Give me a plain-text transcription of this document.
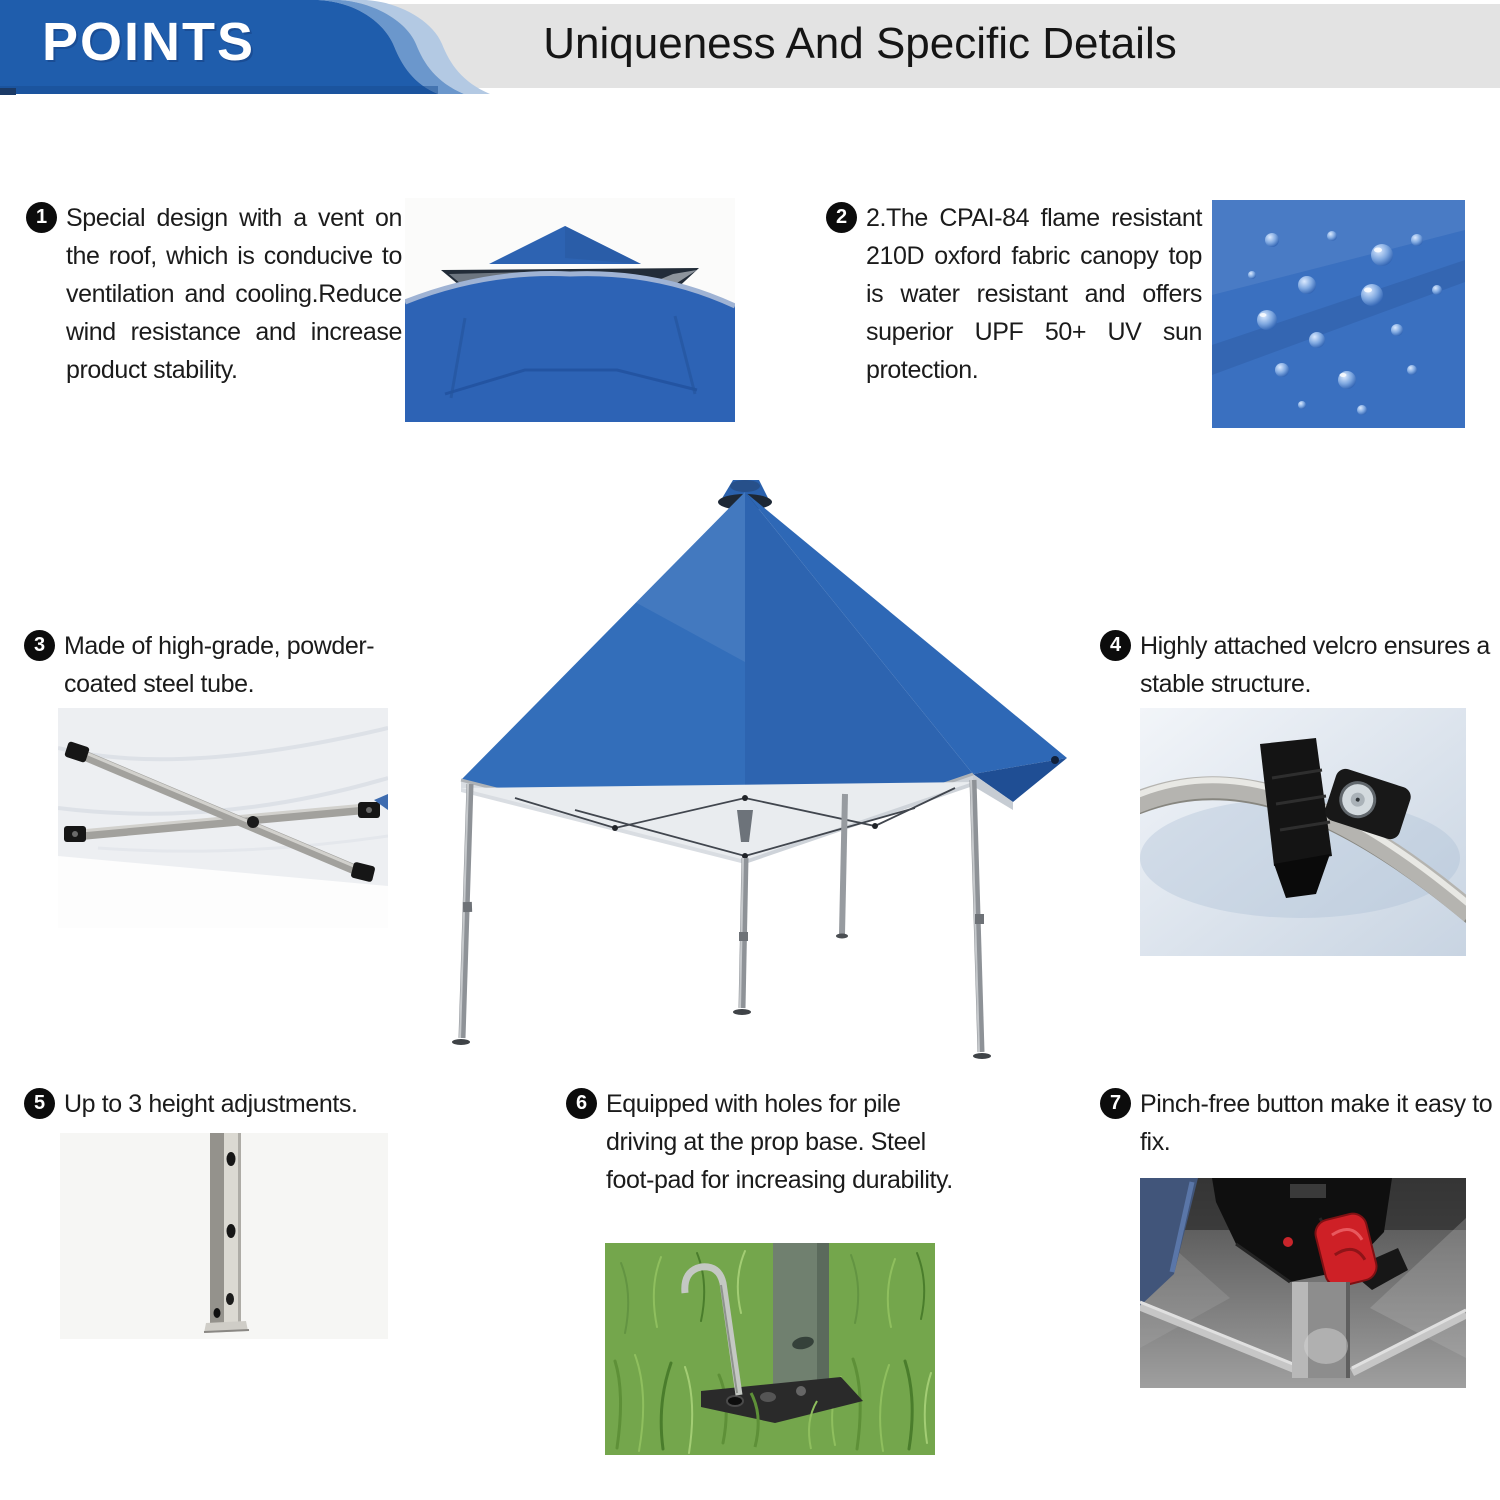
POINTS	Uniqueness And Specific Details
1 Special design with a vent on the roof, which is conducive to ventilation and cooling.Reduce wind resistance and increase product stability.
2 2.The CPAI-84 flame resistant 210D oxford fabric canopy top is water resistant and offers superior UPF 50+ UV sun protection.
3 Made of high-grade, powder-coated steel tube.
4 Highly attached velcro ensures a stable structure.
5 Up to 3 height adjustments.	6 Equipped with holes for pile driving at the prop base. Steel foot-pad for increasing durability.
7 Pinch-free button make it easy to fix.
